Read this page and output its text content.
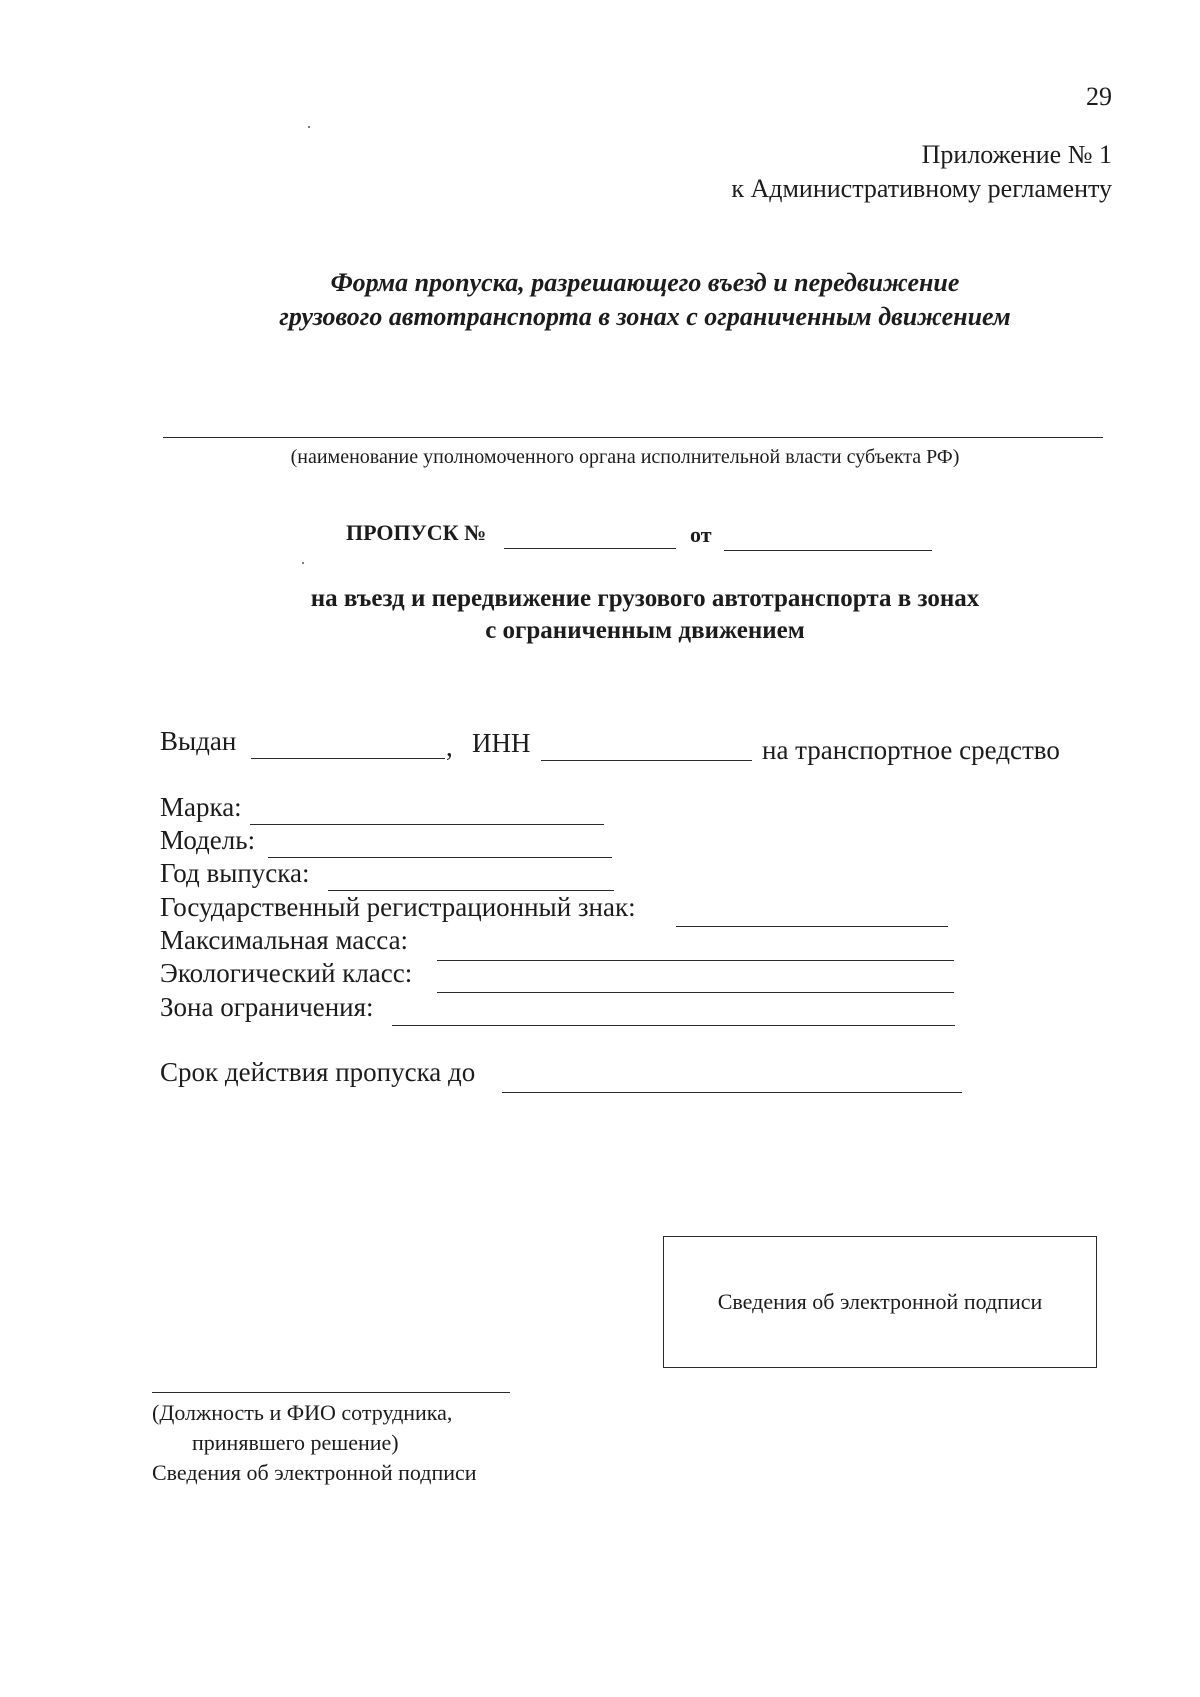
29
Приложение № 1
к Административному регламенту
Форма пропуска, разрешающего въезд и передвижение
грузового автотранспорта в зонах с ограниченным движением
(наименование уполномоченного органа исполнительной власти субъекта РФ)
ПРОПУСК №	от
на въезд и передвижение грузового автотранспорта в зонах
с ограниченным движением
Выдан	, ИНН	на транспортное средство
Марка:
Модель:
Год выпуска:
Государственный регистрационный знак:
Максимальная масса:
Экологический класс:
Зона ограничения:
Срок действия пропуска до
Сведения об электронной подписи
(Должность и ФИО сотрудника,
принявшего решение)
Сведения об электронной подписи
